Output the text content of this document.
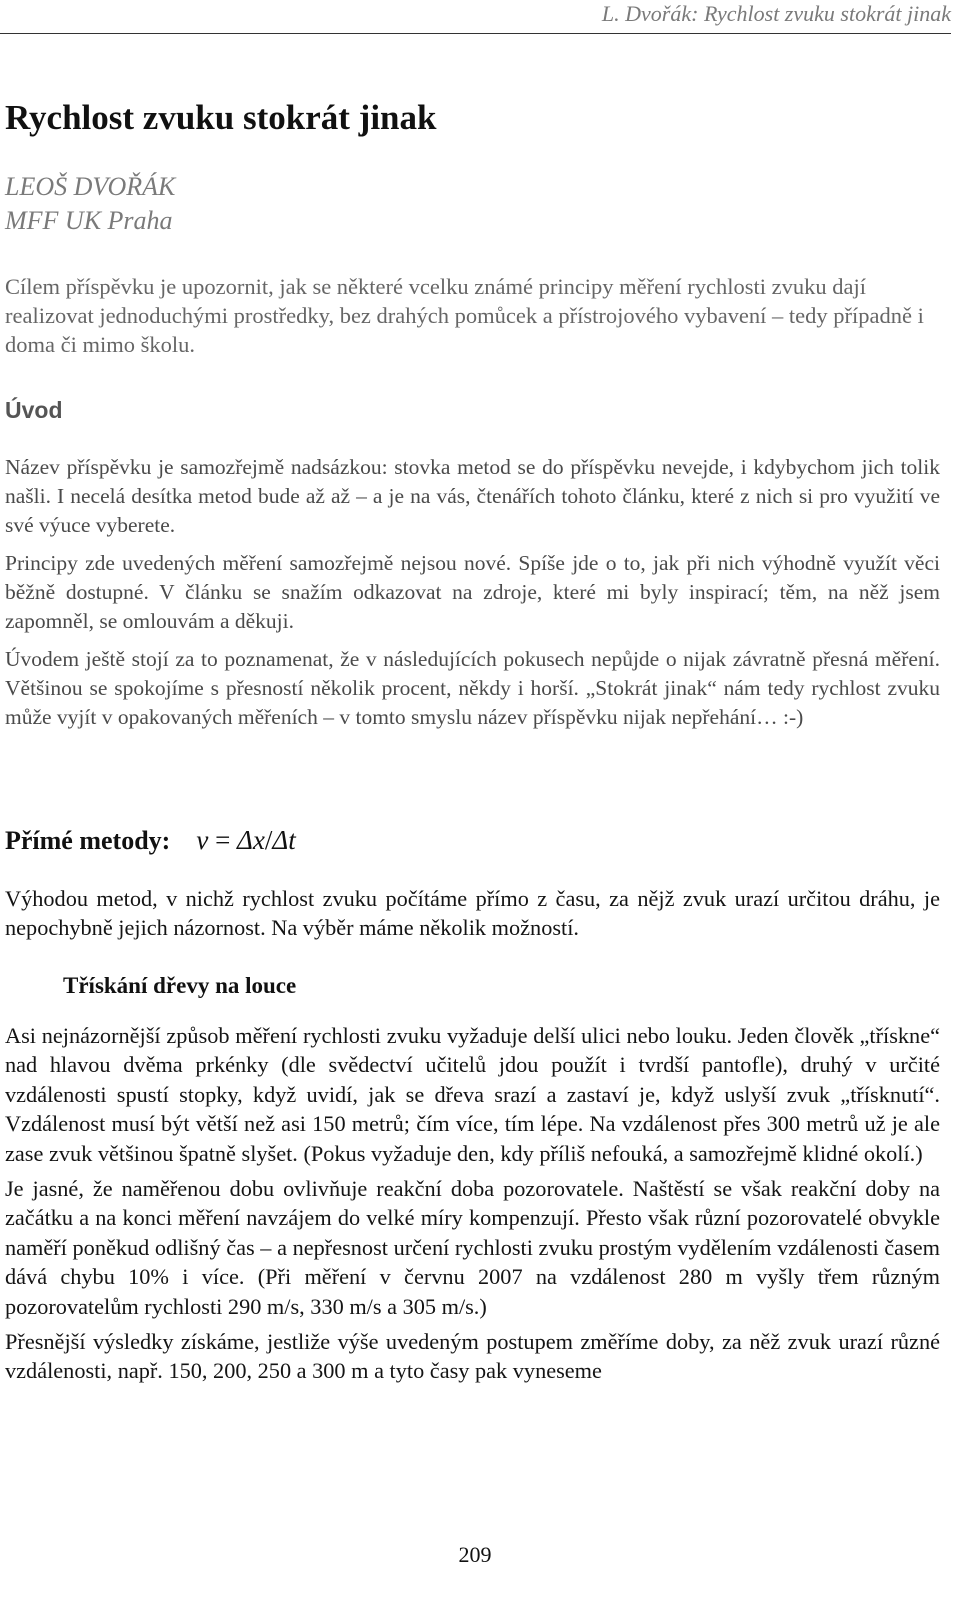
L. Dvořák: Rychlost zvuku stokrát jinak
Rychlost zvuku stokrát jinak
LEOŠ DVOŘÁK
MFF UK Praha

Cílem příspěvku je upozornit, jak se některé vcelku známé principy měření rychlosti zvuku dají realizovat jednoduchými prostředky, bez drahých pomůcek a přístrojového vybavení – tedy případně i doma či mimo školu.

Úvod

Název příspěvku je samozřejmě nadsázkou: stovka metod se do příspěvku nevejde, i kdybychom jich tolik našli. I necelá desítka metod bude až až – a je na vás, čtenářích tohoto článku, které z nich si pro využití ve své výuce vyberete.

Principy zde uvedených měření samozřejmě nejsou nové. Spíše jde o to, jak při nich výhodně využít věci běžně dostupné. V článku se snažím odkazovat na zdroje, které mi byly inspirací; těm, na něž jsem zapomněl, se omlouvám a děkuji.

Úvodem ještě stojí za to poznamenat, že v následujících pokusech nepůjde o nijak závratně přesná měření. Většinou se spokojíme s přesností několik procent, někdy i horší. „Stokrát jinak“ nám tedy rychlost zvuku může vyjít v opakovaných měřeních – v tomto smyslu název příspěvku nijak nepřehání… :-)

Přímé metody: v = Δx/Δt

Výhodou metod, v nichž rychlost zvuku počítáme přímo z času, za nějž zvuk urazí určitou dráhu, je nepochybně jejich názornost. Na výběr máme několik možností.

Třískání dřevy na louce

Asi nejnázornější způsob měření rychlosti zvuku vyžaduje delší ulici nebo louku. Jeden člověk „třískne“ nad hlavou dvěma prkénky (dle svědectví učitelů jdou použít i tvrdší pantofle), druhý v určité vzdálenosti spustí stopky, když uvidí, jak se dřeva srazí a zastaví je, když uslyší zvuk „třísknutí“. Vzdálenost musí být větší než asi 150 metrů; čím více, tím lépe. Na vzdálenost přes 300 metrů už je ale zase zvuk většinou špatně slyšet. (Pokus vyžaduje den, kdy příliš nefouká, a samozřejmě klidné okolí.)

Je jasné, že naměřenou dobu ovlivňuje reakční doba pozorovatele. Naštěstí se však reakční doby na začátku a na konci měření navzájem do velké míry kompenzují. Přesto však různí pozorovatelé obvykle naměří poněkud odlišný čas – a nepřesnost určení rychlosti zvuku prostým vydělením vzdálenosti časem dává chybu 10% i více. (Při měření v červnu 2007 na vzdálenost 280 m vyšly třem různým pozorovatelům rychlosti 290 m/s, 330 m/s a 305 m/s.)

Přesnější výsledky získáme, jestliže výše uvedeným postupem změříme doby, za něž zvuk urazí různé vzdálenosti, např. 150, 200, 250 a 300 m a tyto časy pak vyneseme

209
